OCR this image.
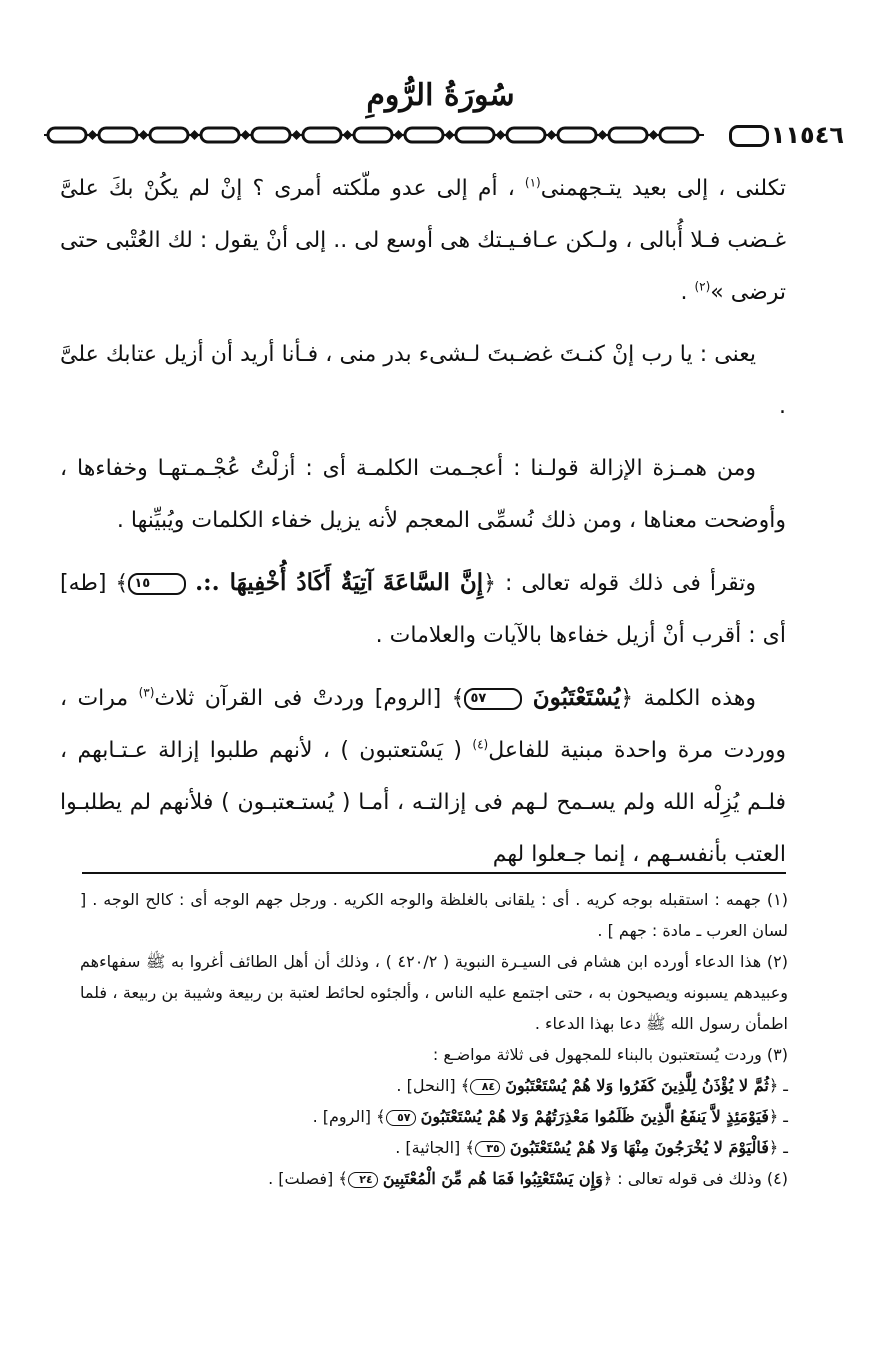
سُورَةُ الرُّومِ
١١٥٤٦

تكلنى ، إلى بعيد يتـجهمنى$^{(١)}$ ، أم إلى عدو ملّكته أمرى ؟ إنْ لم يكُنْ بكَ علىَّ غـضب فـلا أُبالى ، ولـكن عـافـيـتك هى أوسع لى .. إلى أنْ يقول : لك العُتْبى حتى ترضى »$^{(٢)}$ .

يعنى : يا رب إنْ كنـتَ غضـبتَ لـشىء بدر منى ، فـأنا أريد أن أزيل عتابك علىَّ .

ومن همـزة الإزالة قولـنا : أعجـمت الكلمـة أى : أزلْتُ عُجْـمـتهـا وخفاءها ، وأوضحت معناها ، ومن ذلك نُسمِّى المعجم لأنه يزيل خفاء الكلمات ويُبيِّنها .

وتقرأ فى ذلك قوله تعالى : ﴿إِنَّ السَّاعَةَ آتِيَةٌ أَكَادُ أُخْفِيهَا .:. ١٥﴾ [طه] أى : أقرب أنْ أزيل خفاءها بالآيات والعلامات .

وهذه الكلمة ﴿يُسْتَعْتَبُونَ ٥٧﴾ [الروم] وردتْ فى القرآن ثلاث$^{(٣)}$ مرات ، ووردت مرة واحدة مبنية للفاعل$^{(٤)}$ ( يَسْتعتبون ) ، لأنهم طلبوا إزالة عـتـابهم ، فلـم يُزِلْه الله ولم يسـمح لـهم فى إزالتـه ، أمـا ( يُستـعتبـون ) فلأنهم لم يطلبـوا العتب بأنفسـهم ، إنما جـعلوا لهم

(١) جهمه : استقبله بوجه كريه . أى : يلقانى بالغلظة والوجه الكريه . ورجل جهم الوجه أى : كالح الوجه . [ لسان العرب ـ مادة : جهم ] .

(٢) هذا الدعاء أورده ابن هشام فى السيـرة النبوية ( ٤٢٠/٢ ) ، وذلك أن أهل الطائف أغروا به ﷺ سفهاءهم وعبيدهم يسبونه ويصيحون به ، حتى اجتمع عليه الناس ، وألجئوه لحائط لعتبة بن ربيعة وشيبة بن ربيعة ، فلما اطمأن رسول الله ﷺ دعا بهذا الدعاء .

(٣) وردت يُستعتبون بالبناء للمجهول فى ثلاثة مواضـع :

ـ ﴿ثُمَّ لا يُؤْذَنُ لِلَّذِينَ كَفَرُوا وَلا هُمْ يُسْتَعْتَبُونَ ٨٤﴾ [النحل] .

ـ ﴿فَيَوْمَئِذٍ لاَّ يَنفَعُ الَّذِينَ ظَلَمُوا مَعْذِرَتُهُمْ وَلا هُمْ يُسْتَعْتَبُونَ ٥٧﴾ [الروم] .

ـ ﴿فَالْيَوْمَ لا يُخْرَجُونَ مِنْهَا وَلا هُمْ يُسْتَعْتَبُونَ ٣٥﴾ [الجاثية] .

(٤) وذلك فى قوله تعالى : ﴿وَإِن يَسْتَعْتِبُوا فَمَا هُم مِّنَ الْمُعْتَبِينَ ٢٤﴾ [فصلت] .
